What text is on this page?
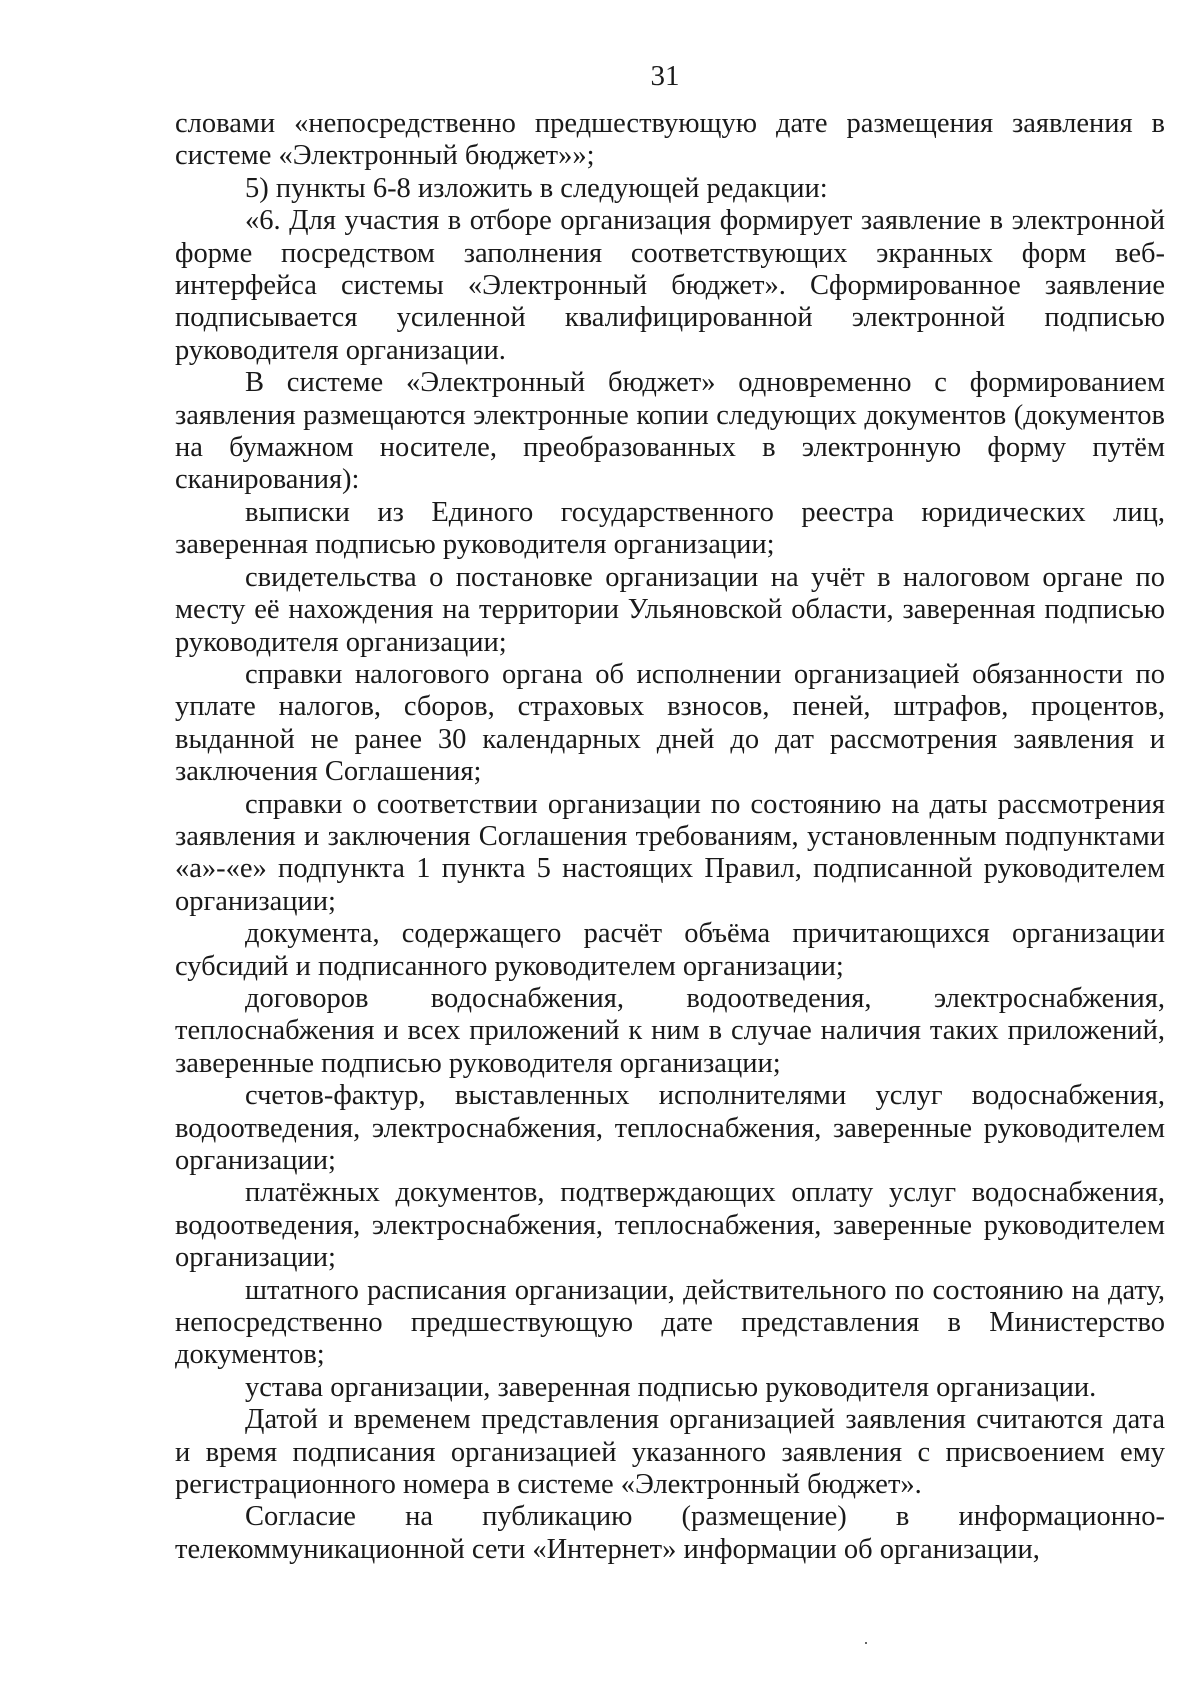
31

словами «непосредственно предшествующую дате размещения заявления в системе «Электронный бюджет»»;

5) пункты 6-8 изложить в следующей редакции:

«6. Для участия в отборе организация формирует заявление в электронной форме посредством заполнения соответствующих экранных форм веб-интерфейса системы «Электронный бюджет». Сформированное заявление подписывается усиленной квалифицированной электронной подписью руководителя организации.

В системе «Электронный бюджет» одновременно с формированием заявления размещаются электронные копии следующих документов (документов на бумажном носителе, преобразованных в электронную форму путём сканирования):

выписки из Единого государственного реестра юридических лиц, заверенная подписью руководителя организации;

свидетельства о постановке организации на учёт в налоговом органе по месту её нахождения на территории Ульяновской области, заверенная подписью руководителя организации;

справки налогового органа об исполнении организацией обязанности по уплате налогов, сборов, страховых взносов, пеней, штрафов, процентов, выданной не ранее 30 календарных дней до дат рассмотрения заявления и заключения Соглашения;

справки о соответствии организации по состоянию на даты рассмотрения заявления и заключения Соглашения требованиям, установленным подпунктами «а»-«е» подпункта 1 пункта 5 настоящих Правил, подписанной руководителем организации;

документа, содержащего расчёт объёма причитающихся организации субсидий и подписанного руководителем организации;

договоров водоснабжения, водоотведения, электроснабжения, теплоснабжения и всех приложений к ним в случае наличия таких приложений, заверенные подписью руководителя организации;

счетов-фактур, выставленных исполнителями услуг водоснабжения, водоотведения, электроснабжения, теплоснабжения, заверенные руководителем организации;

платёжных документов, подтверждающих оплату услуг водоснабжения, водоотведения, электроснабжения, теплоснабжения, заверенные руководителем организации;

штатного расписания организации, действительного по состоянию на дату, непосредственно предшествующую дате представления в Министерство документов;

устава организации, заверенная подписью руководителя организации.

Датой и временем представления организацией заявления считаются дата и время подписания организацией указанного заявления с присвоением ему регистрационного номера в системе «Электронный бюджет».

Согласие на публикацию (размещение) в информационно-телекоммуникационной сети «Интернет» информации об организации,
